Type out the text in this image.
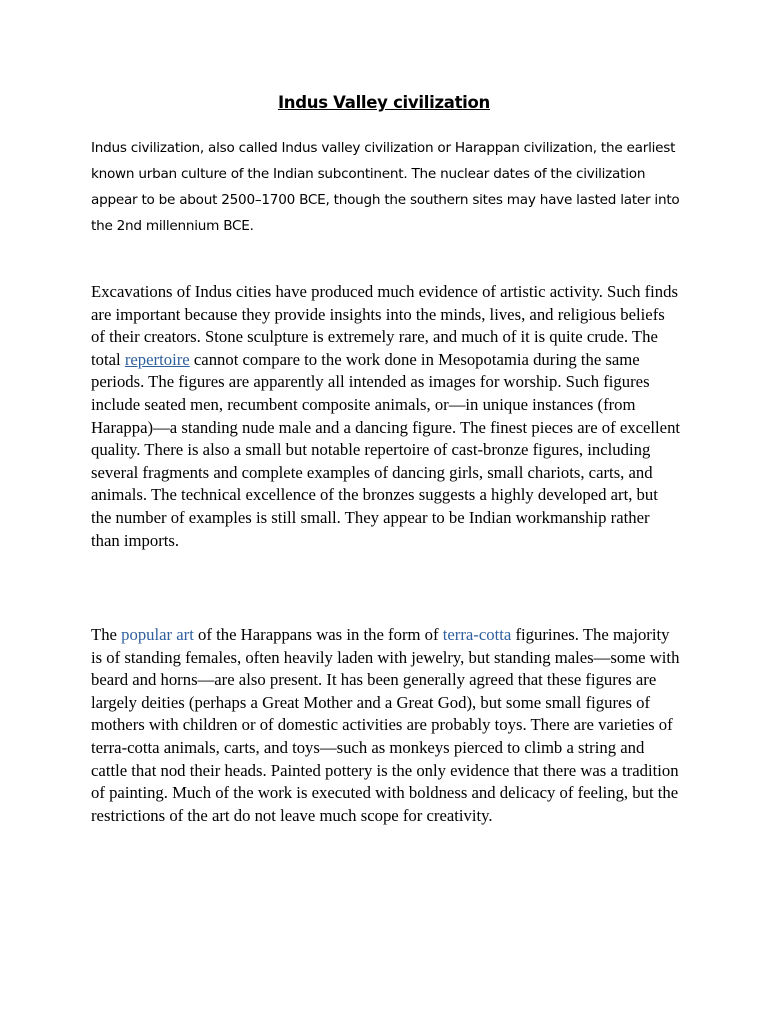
Indus Valley civilization

Indus civilization, also called Indus valley civilization or Harappan civilization, the earliest known urban culture of the Indian subcontinent. The nuclear dates of the civilization appear to be about 2500–1700 BCE, though the southern sites may have lasted later into the 2nd millennium BCE.

Excavations of Indus cities have produced much evidence of artistic activity. Such finds are important because they provide insights into the minds, lives, and religious beliefs of their creators. Stone sculpture is extremely rare, and much of it is quite crude. The total repertoire cannot compare to the work done in Mesopotamia during the same periods. The figures are apparently all intended as images for worship. Such figures include seated men, recumbent composite animals, or—in unique instances (from Harappa)—a standing nude male and a dancing figure. The finest pieces are of excellent quality. There is also a small but notable repertoire of cast-bronze figures, including several fragments and complete examples of dancing girls, small chariots, carts, and animals. The technical excellence of the bronzes suggests a highly developed art, but the number of examples is still small. They appear to be Indian workmanship rather than imports.

The popular art of the Harappans was in the form of terra-cotta figurines. The majority is of standing females, often heavily laden with jewelry, but standing males—some with beard and horns—are also present. It has been generally agreed that these figures are largely deities (perhaps a Great Mother and a Great God), but some small figures of mothers with children or of domestic activities are probably toys. There are varieties of terra-cotta animals, carts, and toys—such as monkeys pierced to climb a string and cattle that nod their heads. Painted pottery is the only evidence that there was a tradition of painting. Much of the work is executed with boldness and delicacy of feeling, but the restrictions of the art do not leave much scope for creativity.
